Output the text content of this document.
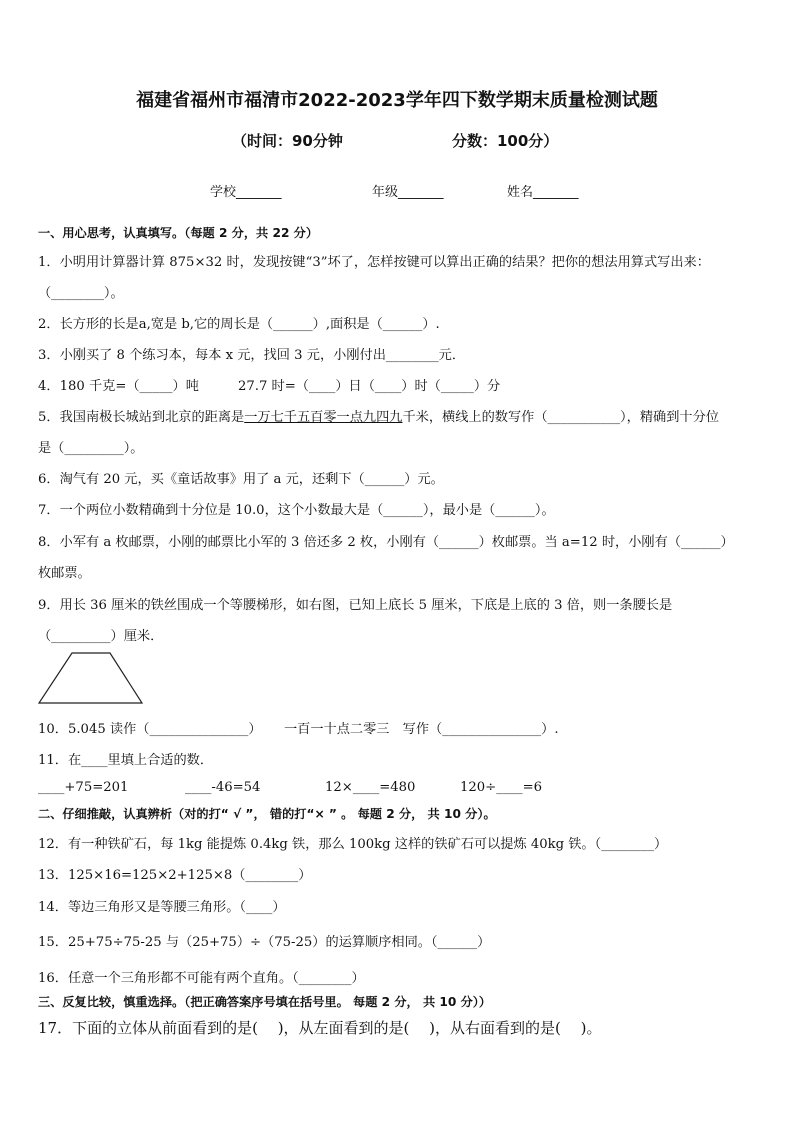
福建省福州市福清市2022-2023学年四下数学期末质量检测试题
（时间：90分钟	分数：100分）
学校_______	年级_______	姓名_______
一、用心思考，认真填写。（每题 2 分，共 22 分）
1．小明用计算器计算 875×32 时，发现按键“3”坏了，怎样按键可以算出正确的结果？把你的想法用算式写出来：
（________）。
2．长方形的长是a,宽是 b,它的周长是（______）,面积是（______）.
3．小刚买了 8 个练习本，每本 x 元，找回 3 元，小刚付出________元．
4．180 千克=（_____）吨	27.7 时=（____）日（____）时（_____）分
5．我国南极长城站到北京的距离是一万七千五百零一点九四九千米，横线上的数写作（___________），精确到十分位
是（_________）。
6．淘气有 20 元，买《童话故事》用了 a 元，还剩下（______）元。
7．一个两位小数精确到十分位是 10.0，这个小数最大是（______），最小是（______）。
8．小军有 a 枚邮票，小刚的邮票比小军的 3 倍还多 2 枚，小刚有（______）枚邮票。当 a=12 时，小刚有（______）
枚邮票。
9．用长 36 厘米的铁丝围成一个等腰梯形，如右图，已知上底长 5 厘米，下底是上底的 3 倍，则一条腰长是
（_________）厘米．
10．5.045 读作（_______________） 一百一十点二零三　写作（_______________）.
11．在____里填上合适的数．
____+75=201	____-46=54	12×____=480	120÷____=6
二、仔细推敲，认真辨析（对的打“ √ ”， 错的打“× ” 。 每题 2 分， 共 10 分）。
12．有一种铁矿石，每 1kg 能提炼 0.4kg 铁，那么 100kg 这样的铁矿石可以提炼 40kg 铁。（________）
13．125×16=125×2+125×8（________）
14．等边三角形又是等腰三角形。（____）
15．25+75÷75-25 与（25+75）÷（75-25）的运算顺序相同。（______）
16．任意一个三角形都不可能有两个直角。（________）
三、反复比较，慎重选择。（把正确答案序号填在括号里。 每题 2 分， 共 10 分））
17．下面的立体从前面看到的是(　 )，从左面看到的是(　 )，从右面看到的是(　 )。
